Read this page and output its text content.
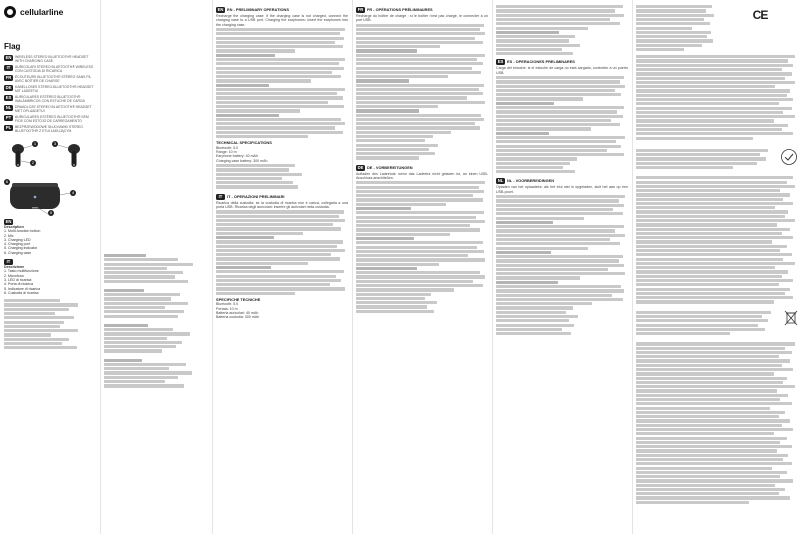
cellularline
Flag
EN	WIRELESS STEREO BLUETOOTH® HEADSET WITH CHARGING CASE
IT	AURICOLARI STEREO BLUETOOTH® WIRELESS CON CUSTODIA DI RICARICA
FR	ÉCOUTEURS BLUETOOTH® STÉRÉO SANS FIL AVEC BOÎTIER DE CHARGE
DE	KABELLOSES STEREO-BLUETOOTH®-HEADSET MIT LADEETUI
ES	AURICULARES ESTÉREO BLUETOOTH® INALÁMBRICOS CON ESTUCHE DE CARGA
NL	DRAADLOZE STEREO BLUETOOTH® HEADSET MET OPLAADETUI
PT	AURICULARES ESTÉREO BLUETOOTH® SEM FIOS COM ESTOJO DE CARREGAMENTO
PL	BEZPRZEWODOWE SŁUCHAWKI STEREO BLUETOOTH® Z ETUI ŁADUJĄCYM
1
2
3
4
5
6
EN
Description
1. Multi-function button
2. Mic
3. Charging LED
4. Charging port
5. Charging indicator
6. Charging case
IT
Descrizione
1. Tasto multifunzione
2. Microfono
3. LED di ricarica
4. Porta di ricarica
5. Indicatore di ricarica
6. Custodia di ricarica
EN EN - PRELIMINARY OPERATIONS
Recharge the charging case: if the charging case is not charged, connect the charging case to a USB port. Charging the earphones: insert the earphones into the charging case.
TECHNICAL SPECIFICATIONS
Bluetooth: 5.0
Range: 10 m
Earphone battery: 40 mAh
Charging case battery: 300 mAh
IT	IT - OPERAZIONI PRELIMINARI
Ricarica della custodia: se la custodia di ricarica non è carica, collegarla a una porta USB. Ricarica degli auricolari: inserire gli auricolari nella custodia.
SPECIFICHE TECNICHE
Bluetooth: 5.0
Portata: 10 m
Batteria auricolari: 40 mAh
Batteria custodia: 300 mAh
FR FR - OPÉRATIONS PRÉLIMINAIRES
Recharge du boîtier de charge : si le boîtier n'est pas chargé, le connecter à un port USB.
DE DE - VORBEREITUNGEN
Aufladen des Ladeetuis: wenn das Ladeetui nicht geladen ist, an einen USB-Anschluss anschließen.
ES ES - OPERACIONES PRELIMINARES
Carga del estuche: si el estuche de carga no está cargado, conéctelo a un puerto USB.
NL NL - VOORBEREIDINGEN
Opladen van het oplaadetui: als het etui niet is opgeladen, sluit het aan op een USB-poort.
CE
